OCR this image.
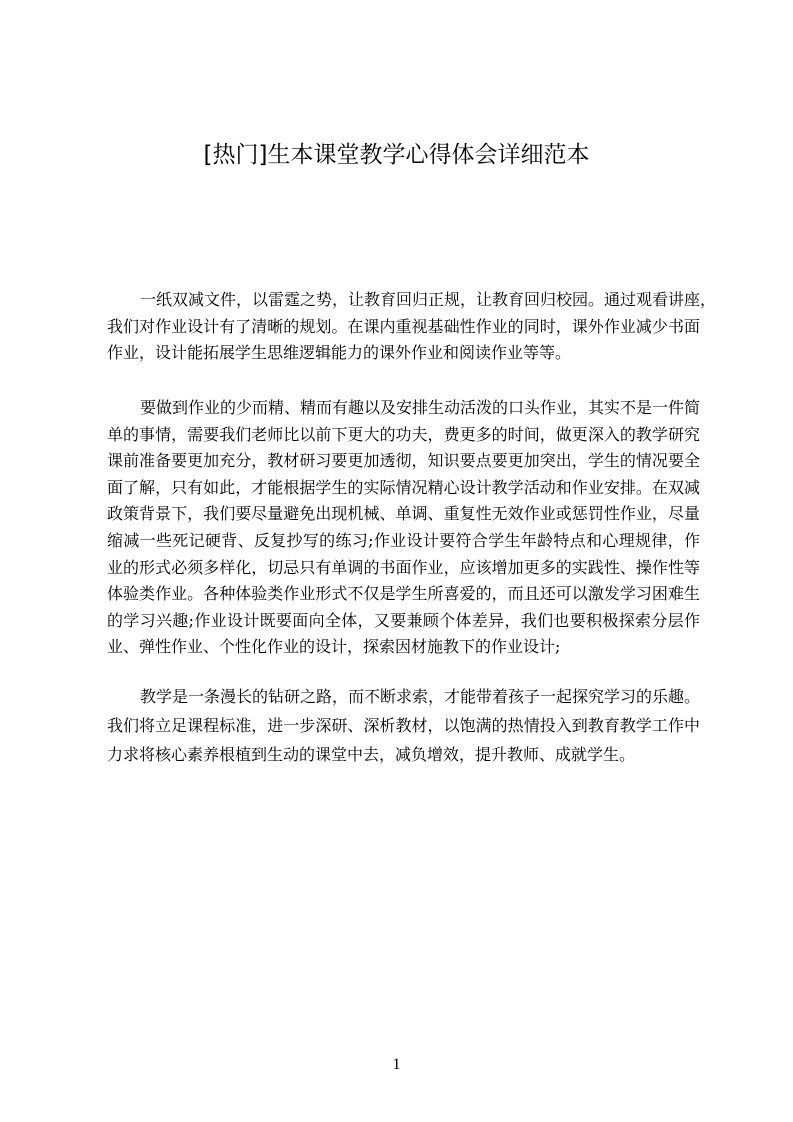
[热门]生本课堂教学心得体会详细范本
一纸双减文件，以雷霆之势，让教育回归正规，让教育回归校园。通过观看讲座，
我们对作业设计有了清晰的规划。在课内重视基础性作业的同时，课外作业减少书面
作业，设计能拓展学生思维逻辑能力的课外作业和阅读作业等等。
要做到作业的少而精、精而有趣以及安排生动活泼的口头作业，其实不是一件简
单的事情，需要我们老师比以前下更大的功夫，费更多的时间，做更深入的教学研究
课前准备要更加充分，教材研习要更加透彻，知识要点要更加突出，学生的情况要全
面了解，只有如此，才能根据学生的实际情况精心设计教学活动和作业安排。在双减
政策背景下，我们要尽量避免出现机械、单调、重复性无效作业或惩罚性作业，尽量
缩减一些死记硬背、反复抄写的练习;作业设计要符合学生年龄特点和心理规律，作
业的形式必须多样化，切忌只有单调的书面作业，应该增加更多的实践性、操作性等
体验类作业。各种体验类作业形式不仅是学生所喜爱的，而且还可以激发学习困难生
的学习兴趣;作业设计既要面向全体，又要兼顾个体差异，我们也要积极探索分层作
业、弹性作业、个性化作业的设计，探索因材施教下的作业设计;
教学是一条漫长的钻研之路，而不断求索，才能带着孩子一起探究学习的乐趣。
我们将立足课程标准，进一步深研、深析教材，以饱满的热情投入到教育教学工作中
力求将核心素养根植到生动的课堂中去，减负增效，提升教师、成就学生。
1
